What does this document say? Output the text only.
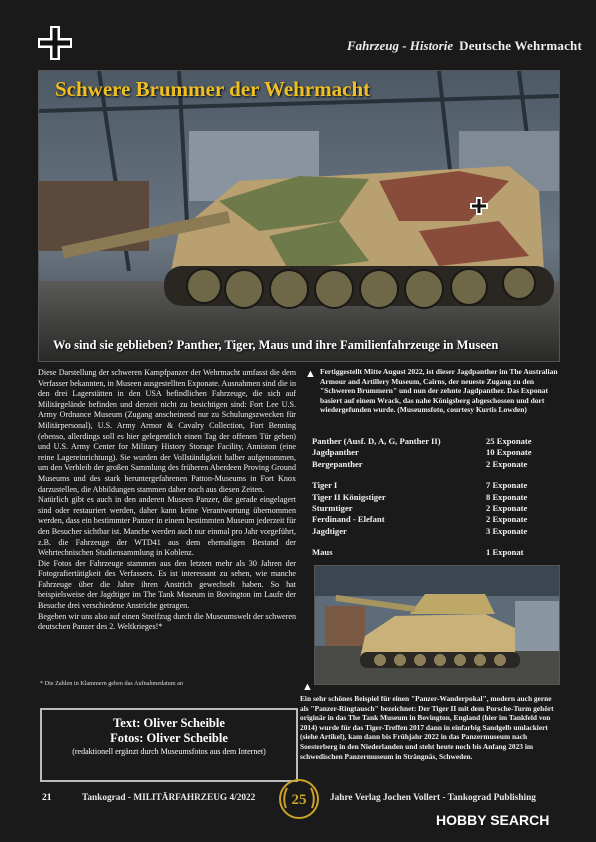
Fahrzeug - Historie Deutsche Wehrmacht
Schwere Brummer der Wehrmacht
Wo sind sie geblieben? Panther, Tiger, Maus und ihre Familienfahrzeuge in Museen

Diese Darstellung der schweren Kampfpanzer der Wehrmacht umfasst die dem Verfasser bekannten, in Museen ausgestellten Exponate. Ausnahmen sind die in den drei Lagerstätten in den USA befindlichen Fahrzeuge, die sich auf Militärgelände befinden und derzeit nicht zu besichtigen sind: Fort Lee U.S. Army Ordnance Museum (Zugang anscheinend nur zu Schulungszwecken für Militärpersonal), U.S. Army Armor & Cavalry Collection, Fort Benning (ebenso, allerdings soll es hier gelegentlich einen Tag der offenen Tür geben) und U.S. Army Center for Military History Storage Facility, Anniston (eine reine Lagereinrichtung). Sie wurden der Vollständigkeit halber aufgenommen, um den Verbleib der großen Sammlung des früheren Aberdeen Proving Ground Museums und des stark heruntergefahrenen Patton-Museums in Fort Knox darzustellen, die Abbildungen stammen daher noch aus diesen Zeiten.

Natürlich gibt es auch in den anderen Museen Panzer, die gerade eingelagert sind oder restauriert werden, daher kann keine Verantwortung übernommen werden, dass ein bestimmter Panzer in einem bestimmten Museum jederzeit für den Besucher sichtbar ist. Manche werden auch nur einmal pro Jahr vorgeführt, z.B. die Fahrzeuge der WTD41 aus dem ehemaligen Bestand der Wehrtechnischen Studiensammlung in Koblenz.

Die Fotos der Fahrzeuge stammen aus den letzten mehr als 30 Jahren der Fotografiertätigkeit des Verfassers. Es ist interessant zu sehen, wie manche Fahrzeuge über die Jahre ihren Anstrich gewechselt haben. So hat beispielsweise der Jagdtiger im The Tank Museum in Bovington im Laufe der Besuche drei verschiedene Anstriche getragen.

Begeben wir uns also auf einen Streifzug durch die Museumswelt der schweren deutschen Panzer des 2. Weltkrieges!*

* Die Zahlen in Klammern geben das Aufnahmedatum an
Text: Oliver Scheible
Fotos: Oliver Scheible
(redaktionell ergänzt durch Museumsfotos aus dem Internet)
▲ Fertiggestellt Mitte August 2022, ist dieser Jagdpanther im The Australian Armour and Artillery Museum, Cairns, der neueste Zugang zu den "Schweren Brummern" und nun der zehnte Jagdpanther. Das Exponat basiert auf einem Wrack, das nahe Königsberg abgeschossen und dort wiedergefunden wurde. (Museumsfoto, courtesy Kurtis Lowden)
Panther (Ausf. D, A, G, Panther II)	25 Exponate
Jagdpanther	10 Exponate
Bergepanther	2 Exponate
Tiger I	7 Exponate
Tiger II Königstiger	8 Exponate
Sturmtiger	2 Exponate
Ferdinand - Elefant	2 Exponate
Jagdtiger	3 Exponate
Maus	1 Exponat
▲
Ein sehr schönes Beispiel für einen "Panzer-Wanderpokal", modern auch gerne als "Panzer-Ringtausch" bezeichnet: Der Tiger II mit dem Porsche-Turm gehört originär in das The Tank Museum in Bovington, England (hier im Tankfeld von 2014) wurde für das Tiger-Treffen 2017 dann in einfarbig Sandgelb umlackiert (siehe Artikel), kam dann bis Frühjahr 2022 in das Panzermuseum nach Soesterberg in den Niederlanden und steht heute noch bis Anfang 2023 im schwedischen Panzermuseum in Strängnäs, Schweden.
21	Tankograd - MILITÄRFAHRZEUG 4/2022 25	Jahre Verlag Jochen Vollert - Tankograd Publishing
HOBBY SEARCH
